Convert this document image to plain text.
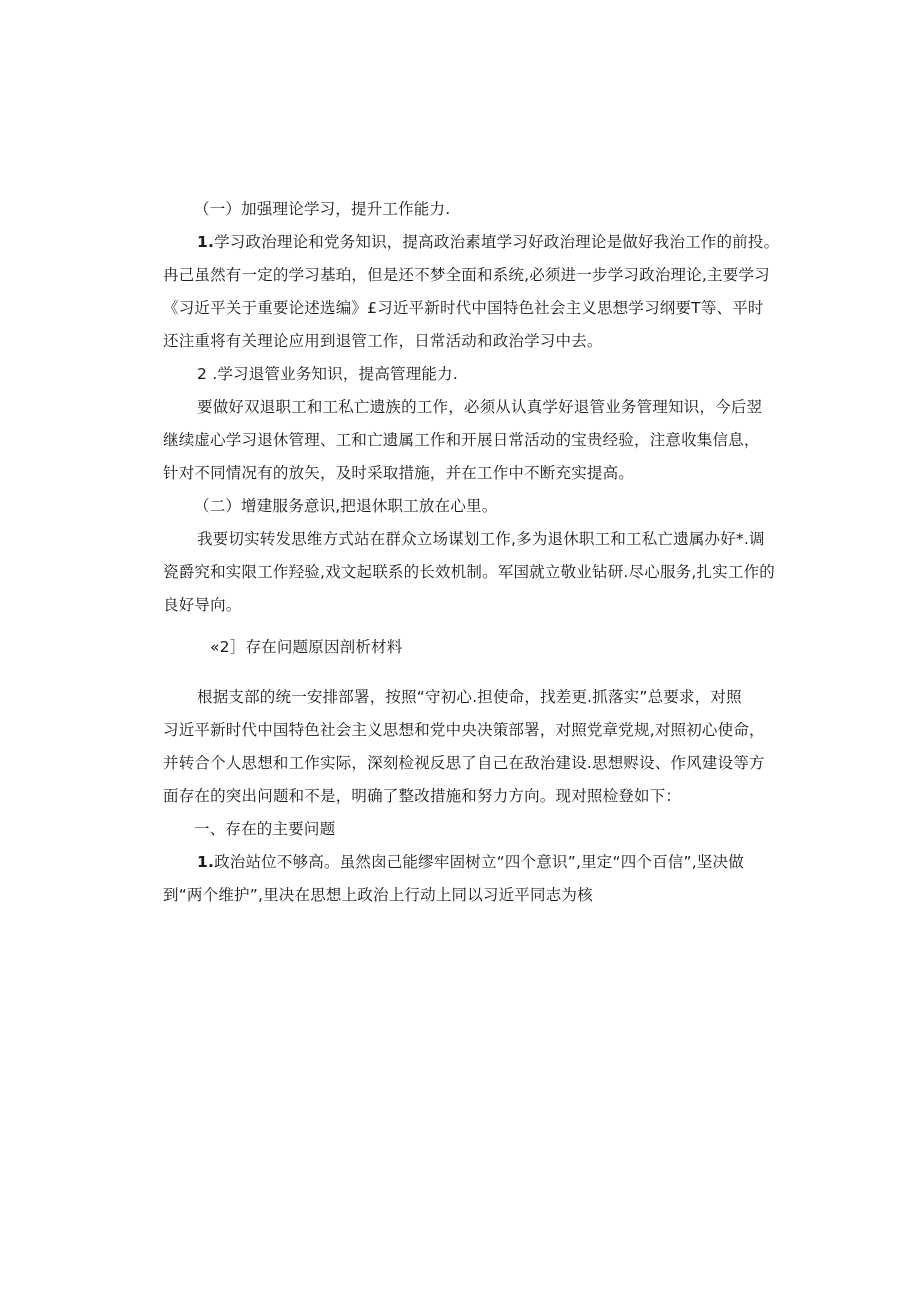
（一）加强理论学习，提升工作能力.
1.学习政治理论和党务知识，提高政治素埴学习好政治理论是做好我治工作的前投。
冉己虽然有一定的学习基珀，但是还不梦全面和系统,必须进一步学习政治理论,主要学习
《习近平关于重要论述选编》£习近平新时代中国特色社会主义思想学习纲要T等、平时
还注重将有关理论应用到退管工作，日常活动和政治学习中去。
2 .学习退管业务知识，提高管理能力.
要做好双退职工和工私亡遗族的工作，必须从认真学好退管业务管理知识，今后翌
继续虚心学习退休管理、工和亡遗属工作和开展日常活动的宝贵经验，注意收集信息，
针对不同情况有的放矢，及时采取措施，并在工作中不断充实提高。
（二）增建服务意识,把退休职工放在心里。
我要切实转发思维方式站在群众立场谋划工作,多为退休职工和工私亡遗属办好*.调
瓷爵究和实限工作羟验,戏文起联系的长效机制。军国就立敬业钻研.尽心服务,扎实工作的
良好导向。
«2］存在问题原因剖析材料
根据支部的统一安排部署，按照“守初心.担使命，找差更.抓落实”总要求，对照
习近平新时代中国特色社会主义思想和党中央决策部署，对照党章党规,对照初心使命，
并转合个人思想和工作实际，深刻检视反思了自己在敌治建设.思想赆设、作风建设等方
面存在的突出问题和不是，明确了整改措施和努力方向。现对照检登如下：
一、存在的主要问题
1.政治站位不够高。虽然囱己能缪牢固树立“四个意识”,里定“四个百信”,坚决做
到“两个维护”,里决在思想上政治上行动上同以习近平同志为核
